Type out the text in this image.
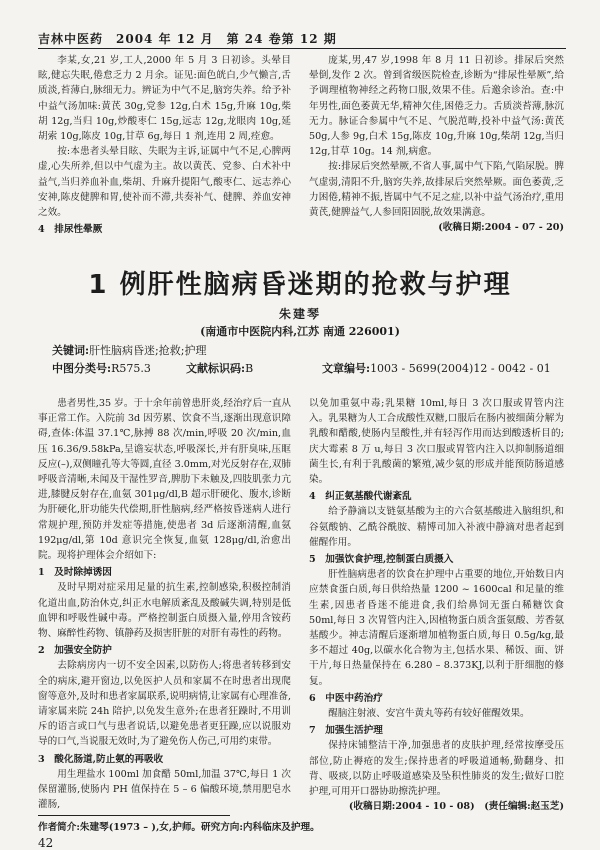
吉林中医药　2004 年 12 月　第 24 卷第 12 期

李某,女,21 岁,工人,2000 年 5 月 3 日初诊。头晕目眩,健忘失眠,倦怠乏力 2 月余。证见:面色㿠白,少气懒言,舌质淡,苔薄白,脉细无力。辨证为中气不足,脑窍失养。给予补中益气汤加味:黄芪 30g,党参 12g,白术 15g,升麻 10g,柴胡 12g,当归 10g,炒酸枣仁 15g,远志 12g,龙眼肉 10g,延胡索 10g,陈皮 10g,甘草 6g,每日 1 剂,连用 2 周,痊愈。

按:本患者头晕目眩、失眠为主诉,证属中气不足,心脾两虚,心失所养,但以中气虚为主。故以黄芪、党参、白术补中益气,当归养血补血,柴胡、升麻升提阳气,酸枣仁、远志养心安神,陈皮健脾和胃,使补而不滞,共奏补气、健脾、养血安神之效。

4　排尿性晕厥

庞某,男,47 岁,1998 年 8 月 11 日初诊。排尿后突然晕倒,发作 2 次。曾到省级医院检查,诊断为“排尿性晕厥”,给予调理植物神经之药物口服,效果不佳。后邀余诊治。查:中年男性,面色萎黄无华,精神欠佳,困倦乏力。舌质淡苔薄,脉沉无力。脉证合参属中气不足、气脱范畴,投补中益气汤:黄芪 50g,人参 9g,白术 15g,陈皮 10g,升麻 10g,柴胡 12g,当归 12g,甘草 10g。14 剂,病愈。

按:排尿后突然晕厥,不省人事,属中气下陷,气陷尿脱。脾气虚弱,清阳不升,脑窍失养,故排尿后突然晕厥。面色萎黄,乏力困倦,精神不振,皆属中气不足之症,以补中益气汤治疗,重用黄芪,健脾益气,人参回阳固脱,故效果满意。

(收稿日期:2004 - 07 - 20)

1 例肝性脑病昏迷期的抢救与护理
朱建琴
(南通市中医院内科,江苏 南通 226001)
关键词:肝性脑病昏迷;抢救;护理
中图分类号:R575.3	文献标识码:B	文章编号:1003 - 5699(2004)12 - 0042 - 01

患者男性,35 岁。于十余年前曾患肝炎,经治疗后一直从事正常工作。入院前 3d 因劳累、饮食不当,逐渐出现意识障碍,查体:体温 37.1℃,脉搏 88 次/min,呼吸 20 次/min,血压 16.36/9.58kPa,呈谵妄状态,呼吸深长,并有肝臭味,压眶反应(–),双侧瞳孔等大等圆,直径 3.0mm,对光反射存在,双肺呼吸音清晰,未闻及干湿性罗音,脾肋下未触及,四肢肌张力亢进,膝腱反射存在,血氨 301μg/dl,B 超示肝硬化、腹水,诊断为肝硬化,肝功能失代偿期,肝性脑病,经严格按昏迷病人进行常规护理,预防并发症等措施,使患者 3d 后逐渐清醒,血氨 192μg/dl,第 10d 意识完全恢复,血氨 128μg/dl,治愈出院。现将护理体会介绍如下:

1　及时除掉诱因

及时早期对症采用足量的抗生素,控制感染,积极控制消化道出血,防治休克,纠正水电解质紊乱及酸碱失调,特别是低血钾和呼吸性碱中毒。严格控制蛋白质摄入量,停用含铵药物、麻醉性药物、镇静药及损害肝脏的对肝有毒性的药物。

2　加强安全防护

去除病房内一切不安全因素,以防伤人;将患者转移到安全的病床,避开窗边,以免医护人员和家属不在时患者出现爬窗等意外,及时和患者家属联系,说明病情,让家属有心理准备,请家属来院 24h 陪护,以免发生意外;在患者狂躁时,不用训斥的语言或口气与患者说话,以避免患者更狂躁,应以说服劝导的口气,当说服无效时,为了避免伤人伤己,可用约束带。

3　酸化肠道,防止氨的再吸收

用生理盐水 100ml 加食醋 50ml,加温 37℃,每日 1 次保留灌肠,使肠内 PH 值保持在 5 – 6 偏酸环境,禁用肥皂水灌肠,

以免加重氨中毒;乳果糖 10ml,每日 3 次口服或胃管内注入。乳果糖为人工合成酸性双糖,口服后在肠内被细菌分解为乳酸和醋酸,使肠内呈酸性,并有轻泻作用而达到酸透析目的;庆大霉素 8 万 u,每日 3 次口服或胃管内注入以抑制肠道细菌生长,有利于乳酸菌的繁殖,减少氨的形成并能预防肠道感染。

4　纠正氨基酸代谢紊乱

给予静滴以支链氨基酸为主的六合氨基酸进入脑组织,和谷氨酸钠、乙酰谷酰胺、精博司加入补液中静滴对患者起到催醒作用。

5　加强饮食护理,控制蛋白质摄入

肝性脑病患者的饮食在护理中占重要的地位,开始数日内应禁食蛋白质,每日供给热量 1200 ~ 1600cal 和足量的维生素,因患者昏迷不能进食,我们给鼻饲无蛋白稀糖饮食 50ml,每日 3 次胃管内注入,因植物蛋白质含蛋氨酸、芳香氨基酸少。神志清醒后逐渐增加植物蛋白质,每日 0.5g/kg,最多不超过 40g,以碳水化合物为主,包括水果、稀饭、面、饼干片,每日热量保持在 6.280 – 8.373KJ,以利于肝细胞的修复。

6　中医中药治疗

醒脑注射液、安宫牛黄丸等药有较好催醒效果。

7　加强生活护理

保持床铺整洁干净,加强患者的皮肤护理,经常按摩受压部位,防止褥疮的发生;保持患者的呼吸道通畅,勤翻身、扣背、吸痰,以防止呼吸道感染及坠积性肺炎的发生;做好口腔护理,可用开口器协助擦洗护理。

(收稿日期:2004 - 10 - 08)　 (责任编辑:赵玉芝)

作者简介:朱建琴(1973 – ),女,护师。研究方向:内科临床及护理。
42
